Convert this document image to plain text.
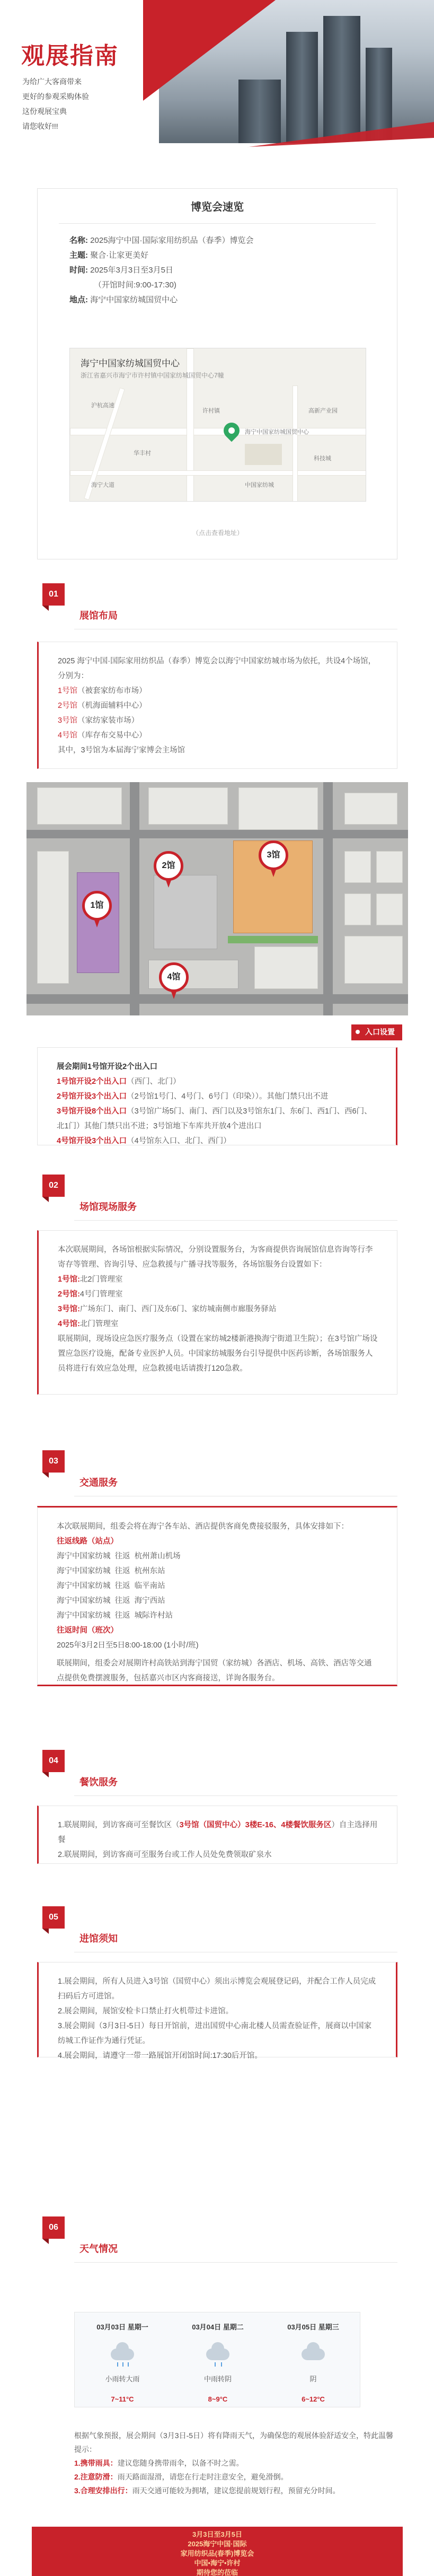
观展指南
为给广大客商带来
更好的参观采购体验
这份观展宝典
请您收好!!!
博览会速览
名称: 2025海宁中国·国际家用纺织品（春季）博览会
主题: 聚合·让家更美好
时间: 2025年3月3日至3月5日
（开馆时间:9:00-17:30)
地点: 海宁中国家纺城国贸中心
海宁中国家纺城国贸中心
浙江省嘉兴市海宁市许村镇中国家纺城国贸中心7幢
海宁中国家纺城国贸中心
沪杭高速
华丰村
许村镇	高新产业园
中国家纺城
科技城
海宁大道
（点击查看地址）
01
展馆布局
2025 海宁中国·国际家用纺织品（春季）博览会以海宁中国家纺城市场为依托，共设4个场馆，分别为：
1号馆（被套家纺布市场）
2号馆（机海面辅料中心）
3号馆（家纺家装市场）
4号馆（库存布交易中心）
其中，3号馆为本届海宁家博会主场馆
1馆
2馆
3馆
4馆
入口设置
展会期间1号馆开设2个出入口
1号馆开设2个出入口（西门、北门）
2号馆开设3个出入口（2号馆1号门、4号门、6号门（印染））。其他门禁只出不进
3号馆开设8个出入口（3号馆广场5门、南门、西门以及3号馆东1门、东6门、西1门、西6门、北1门）其他门禁只出不进；3号馆地下车库共开放4个进出口
4号馆开设3个出入口（4号馆东入口、北门、西门）
02
场馆现场服务
本次联展期间，各场馆根据实际情况，分别设置服务台，为客商提供咨询展馆信息咨询等行李寄存等管理、咨询引导、应急救援与广播寻找等服务，各场馆服务台设置如下：
1号馆:北2门管理室
2号馆:4号门管理室
3号馆:广场东门、南门、西门及东6门、家纺城南侧市廊服务驿站
4号馆:北门管理室
联展期间，现场设应急医疗服务点（设置在家纺城2楼新港换海宁街道卫生院）；在3号馆广场设置应急医疗设施，配备专业医护人员。中国家纺城服务台引导提供中医药诊断，各场馆服务人员将进行有效应急处理，应急救援电话请拨打120急救。
03
交通服务
本次联展期间，组委会将在海宁各车站、酒店提供客商免费接驳服务，具体安排如下：
往返线路（站点）
海宁中国家纺城 往返 杭州萧山机场
海宁中国家纺城 往返 杭州东站
海宁中国家纺城 往返 临平南站
海宁中国家纺城 往返 海宁西站
海宁中国家纺城 往返 城际许村站
往返时间（班次）
2025年3月2日至5日8:00-18:00 (1小时/班)
联展期间，组委会对展期许村高铁站到海宁国贸（家纺城）各酒店、机场、高铁、酒店等交通点提供免费摆渡服务，包括嘉兴市区内客商接送，详询各服务台。
04
餐饮服务
1.联展期间，到访客商可至餐饮区（3号馆（国贸中心）3楼E-16、4楼餐饮服务区）自主选择用餐
2.联展期间，到访客商可至服务台或工作人员处免费领取矿泉水
05
进馆须知
1.展会期间，所有人员进入3号馆（国贸中心）须出示博览会观展登记码，并配合工作人员完成扫码后方可进馆。
2.展会期间，展馆安检卡口禁止打火机带过卡进馆。
3.展会期间（3月3日-5日）每日开馆前，进出国贸中心南北楼人员需查验证件，展商以中国家纺城工作证作为通行凭证。
4.展会期间，请遵守一带一路展馆开闭馆时间:17:30后开馆。
06
天气情况
03月03日 星期一
小雨转大雨
7~11°C
03月04日 星期二
中雨转阴
8~9°C
03月05日 星期三
阴
6~12°C
根据气象预报，展会期间（3月3日-5日）将有降雨天气，为确保您的观展体验舒适安全，特此温馨提示：
1.携带雨具：建议您随身携带雨伞，以备不时之需。
2.注意防滑：雨天路面湿滑，请您在行走时注意安全，避免滑倒。
3.合理安排出行：雨天交通可能较为拥堵，建议您提前规划行程，预留充分时间。
3月3日至3月5日
2025海宁中国·国际
家用纺织品(春季)博览会
中国•海宁•许村
期待您的莅临
